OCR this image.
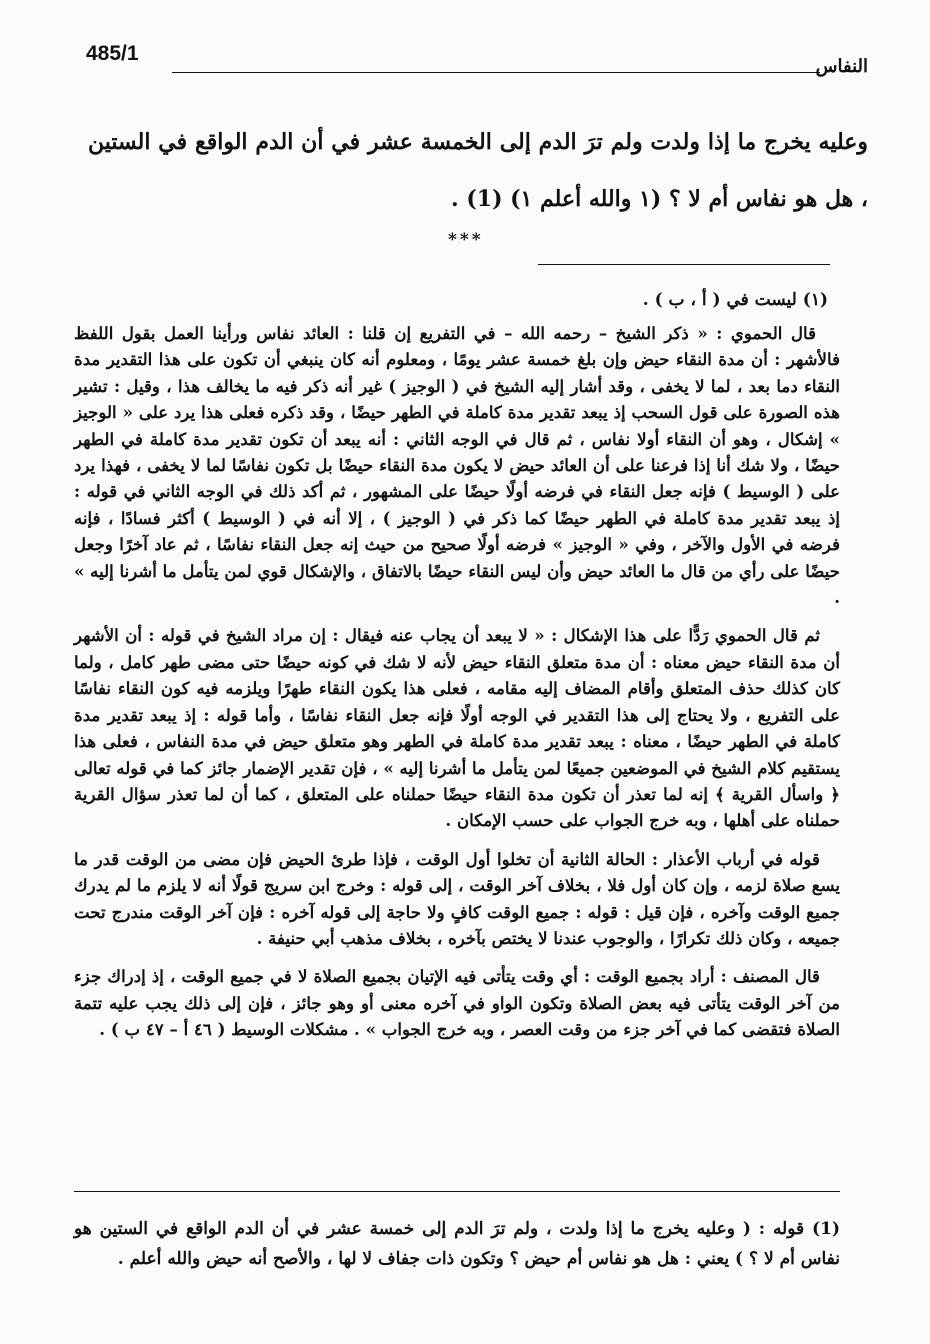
485/1
النفاس
وعليه يخرج ما إذا ولدت ولم ترَ الدم إلى الخمسة عشر في أن الدم الواقع في الستين ، هل هو نفاس أم لا ؟ (١ والله أعلم ١) (1) .
***
(١) ليست في ( أ ، ب ) .

قال الحموي : « ذكر الشيخ – رحمه الله – في التفريع إن قلنا : العائد نفاس ورأينا العمل بقول اللفظ فالأشهر : أن مدة النقاء حيض وإن بلغ خمسة عشر يومًا ، ومعلوم أنه كان ينبغي أن تكون على هذا التقدير مدة النقاء دما بعد ، لما لا يخفى ، وقد أشار إليه الشيخ في ( الوجيز ) غير أنه ذكر فيه ما يخالف هذا ، وقيل : تشير هذه الصورة على قول السحب إذ يبعد تقدير مدة كاملة في الطهر حيضًا ، وقد ذكره فعلى هذا يرد على « الوجيز » إشكال ، وهو أن النقاء أولا نفاس ، ثم قال في الوجه الثاني : أنه يبعد أن تكون تقدير مدة كاملة في الطهر حيضًا ، ولا شك أنا إذا فرعنا على أن العائد حيض لا يكون مدة النقاء حيضًا بل تكون نفاسًا لما لا يخفى ، فهذا يرد على ( الوسيط ) فإنه جعل النقاء في فرضه أولًا حيضًا على المشهور ، ثم أكد ذلك في الوجه الثاني في قوله : إذ يبعد تقدير مدة كاملة في الطهر حيضًا كما ذكر في ( الوجيز ) ، إلا أنه في ( الوسيط ) أكثر فسادًا ، فإنه فرضه في الأول والآخر ، وفي « الوجيز » فرضه أولًا صحيح من حيث إنه جعل النقاء نفاسًا ، ثم عاد آخرًا وجعل حيضًا على رأي من قال ما العائد حيض وأن ليس النقاء حيضًا بالاتفاق ، والإشكال قوي لمن يتأمل ما أشرنا إليه » .

ثم قال الحموي رَدًّا على هذا الإشكال : « لا يبعد أن يجاب عنه فيقال : إن مراد الشيخ في قوله : أن الأشهر أن مدة النقاء حيض معناه : أن مدة متعلق النقاء حيض لأنه لا شك في كونه حيضًا حتى مضى طهر كامل ، ولما كان كذلك حذف المتعلق وأقام المضاف إليه مقامه ، فعلى هذا يكون النقاء طهرًا ويلزمه فيه كون النقاء نفاسًا على التفريع ، ولا يحتاج إلى هذا التقدير في الوجه أولًا فإنه جعل النقاء نفاسًا ، وأما قوله : إذ يبعد تقدير مدة كاملة في الطهر حيضًا ، معناه : يبعد تقدير مدة كاملة في الطهر وهو متعلق حيض في مدة النفاس ، فعلى هذا يستقيم كلام الشيخ في الموضعين جميعًا لمن يتأمل ما أشرنا إليه » ، فإن تقدير الإضمار جائز كما في قوله تعالى ﴿ واسأل القرية ﴾ إنه لما تعذر أن تكون مدة النقاء حيضًا حملناه على المتعلق ، كما أن لما تعذر سؤال القرية حملناه على أهلها ، وبه خرج الجواب على حسب الإمكان .

قوله في أرباب الأعذار : الحالة الثانية أن تخلوا أول الوقت ، فإذا طرئ الحيض فإن مضى من الوقت قدر ما يسع صلاة لزمه ، وإن كان أول فلا ، بخلاف آخر الوقت ، إلى قوله : وخرج ابن سريج قولًا أنه لا يلزم ما لم يدرك جميع الوقت وآخره ، فإن قيل : قوله : جميع الوقت كافٍ ولا حاجة إلى قوله آخره : فإن آخر الوقت مندرج تحت جميعه ، وكان ذلك تكرارًا ، والوجوب عندنا لا يختص بآخره ، بخلاف مذهب أبي حنيفة .

قال المصنف : أراد بجميع الوقت : أي وقت يتأتى فيه الإتيان بجميع الصلاة لا في جميع الوقت ، إذ إدراك جزء من آخر الوقت يتأتى فيه بعض الصلاة وتكون الواو في آخره معنى أو وهو جائز ، فإن إلى ذلك يجب عليه تتمة الصلاة فتقضى كما في آخر جزء من وقت العصر ، وبه خرج الجواب » . مشكلات الوسيط ( ٤٦ أ – ٤٧ ب ) .

(1) قوله : ( وعليه يخرج ما إذا ولدت ، ولم ترَ الدم إلى خمسة عشر في أن الدم الواقع في الستين هو نفاس أم لا ؟ ) يعني : هل هو نفاس أم حيض ؟ وتكون ذات جفاف لا لها ، والأصح أنه حيض والله أعلم .
